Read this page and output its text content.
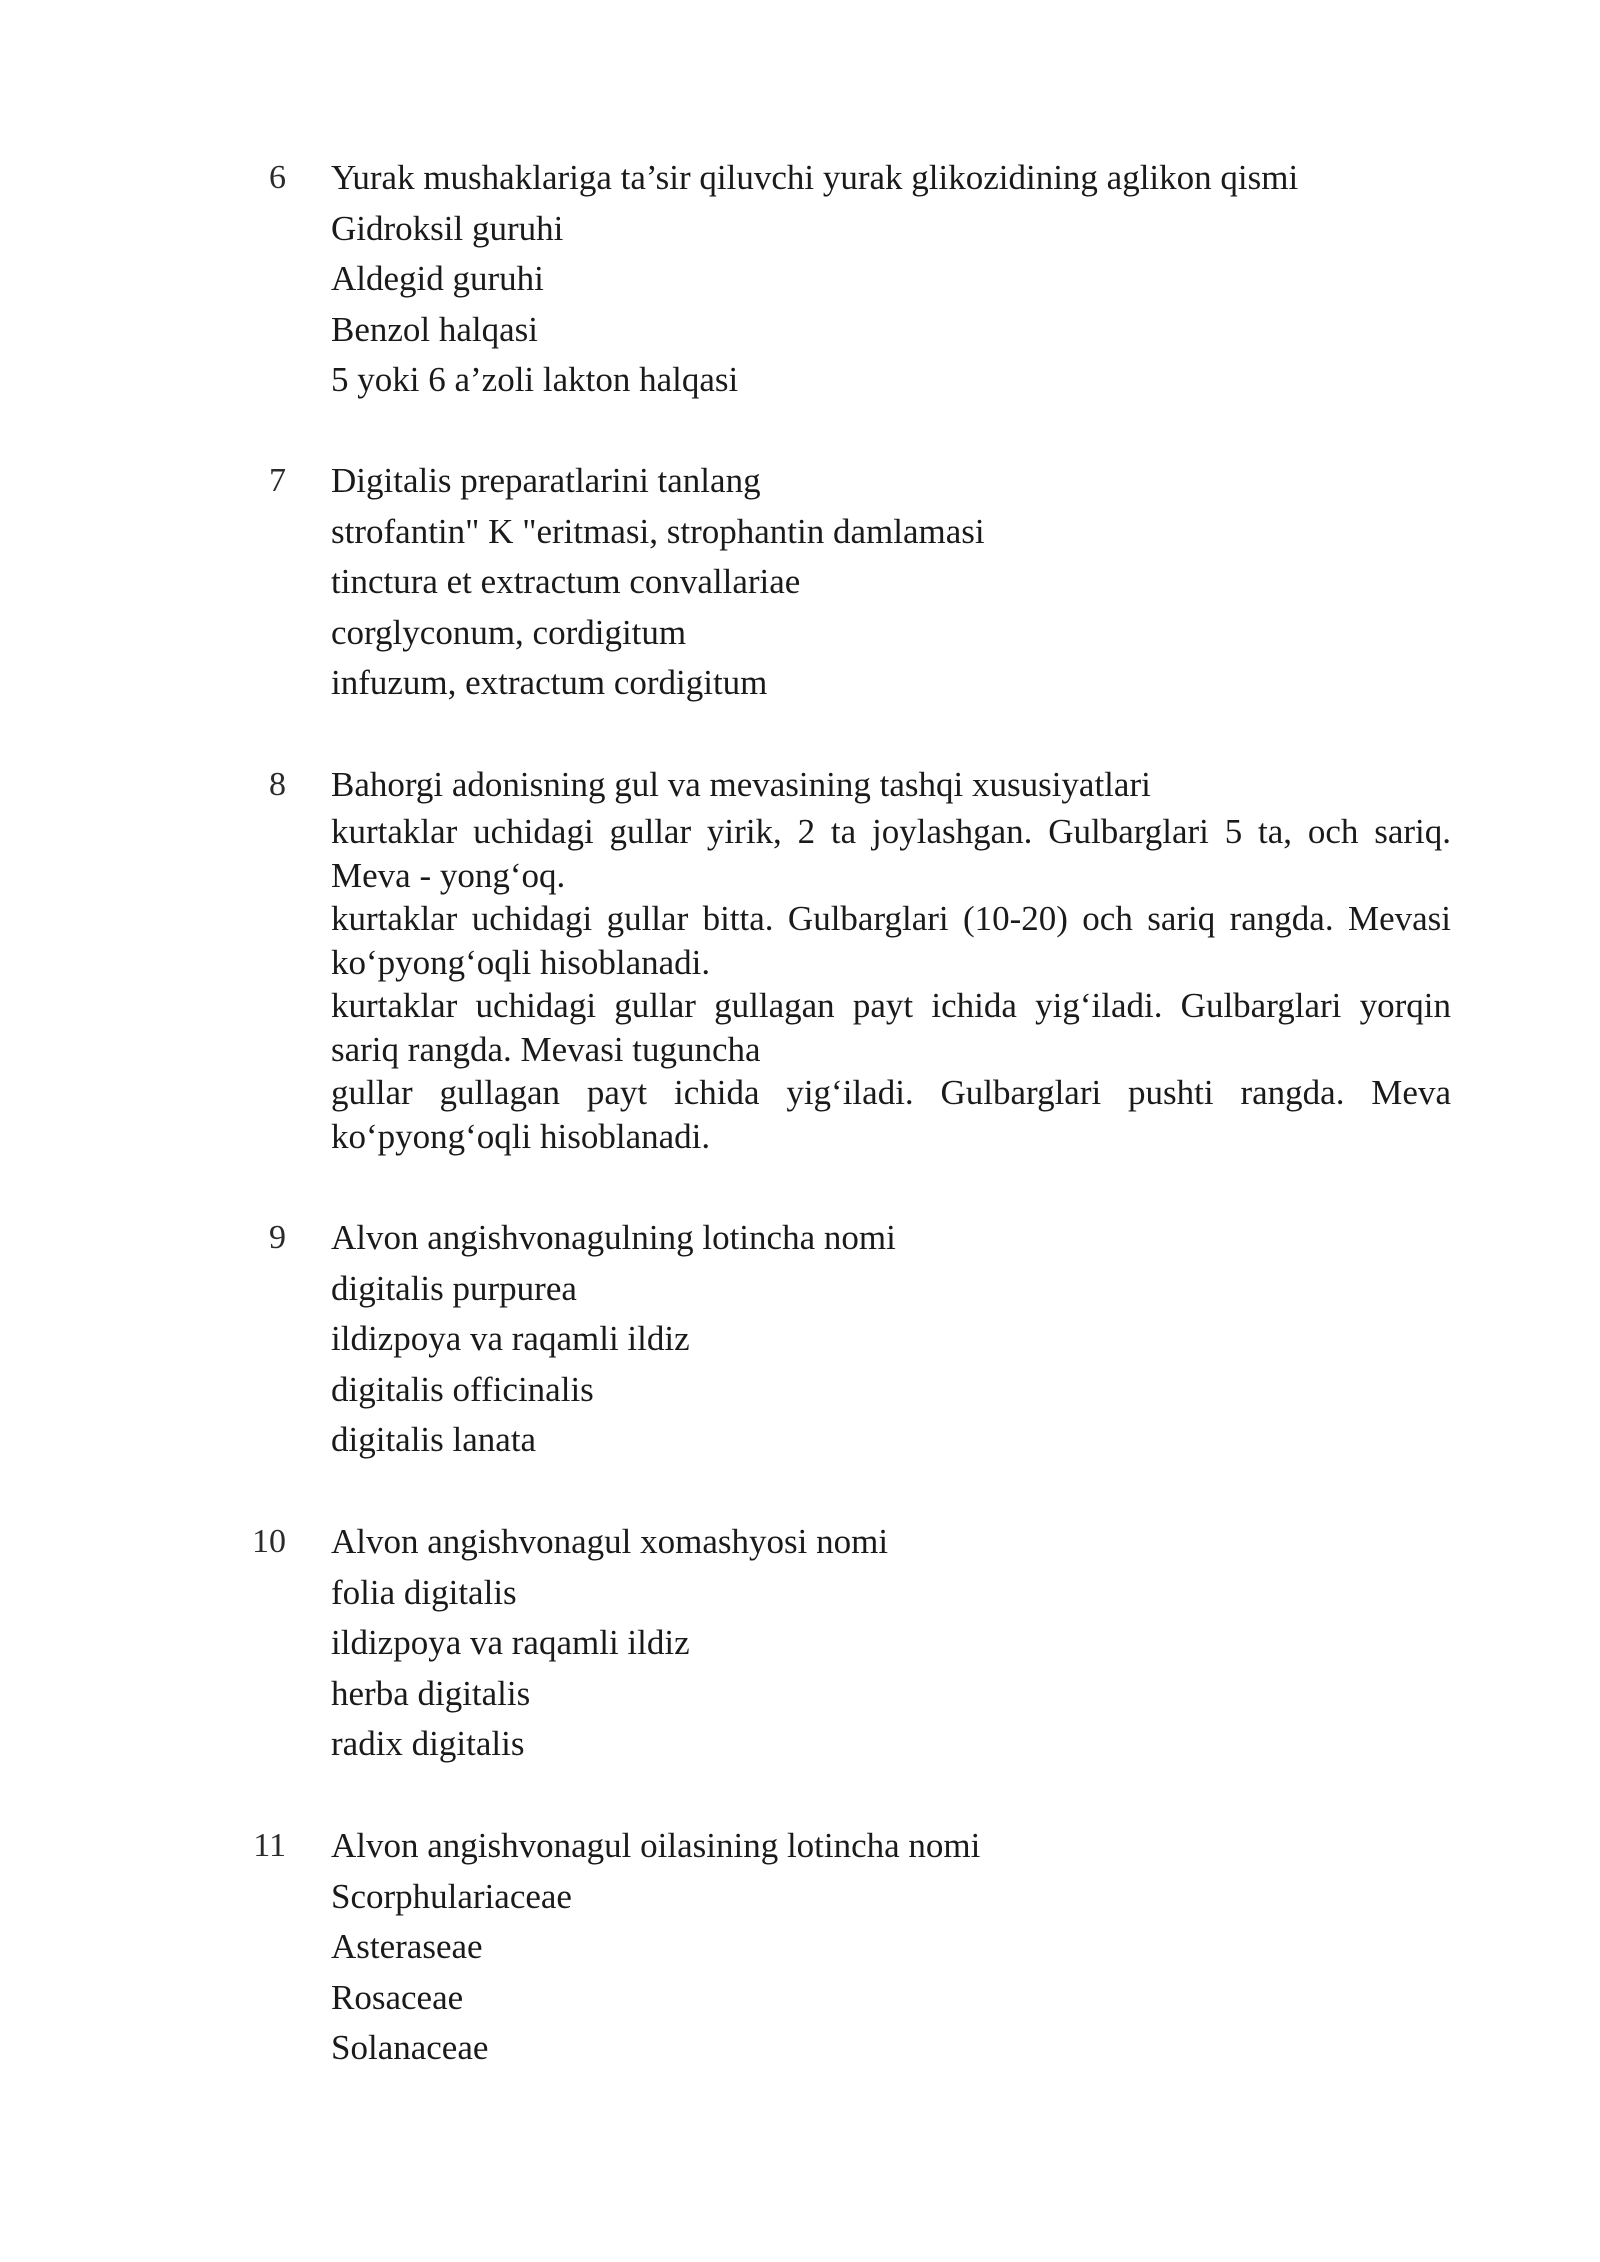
6 Yurak mushaklariga ta’sir qiluvchi yurak glikozidining aglikon qismi

Gidroksil guruhi

Aldegid guruhi

Benzol halqasi

5 yoki 6 a’zoli lakton halqasi

7 Digitalis preparatlarini tanlang

strofantin" K "eritmasi, strophantin damlamasi

tinctura et extractum convallariae

corglyconum, cordigitum

infuzum, extractum cordigitum

8 Bahorgi adonisning gul va mevasining tashqi xususiyatlari

kurtaklar uchidagi gullar yirik, 2 ta joylashgan. Gulbarglari 5 ta, och sariq. Meva - yong‘oq.

kurtaklar uchidagi gullar bitta. Gulbarglari (10-20) och sariq rangda. Mevasi ko‘pyong‘oqli hisoblanadi.

kurtaklar uchidagi gullar gullagan payt ichida yig‘iladi. Gulbarglari yorqin sariq rangda. Mevasi tuguncha

gullar gullagan payt ichida yig‘iladi. Gulbarglari pushti rangda. Meva ko‘pyong‘oqli hisoblanadi.

9 Alvon angishvonagulning lotincha nomi

digitalis purpurea

ildizpoya va raqamli ildiz

digitalis officinalis

digitalis lanata

10 Alvon angishvonagul xomashyosi nomi

folia digitalis

ildizpoya va raqamli ildiz

herba digitalis

radix digitalis

11 Alvon angishvonagul oilasining lotincha nomi

Scorphulariaceae

Asteraseae

Rosaceae

Solanaceae
